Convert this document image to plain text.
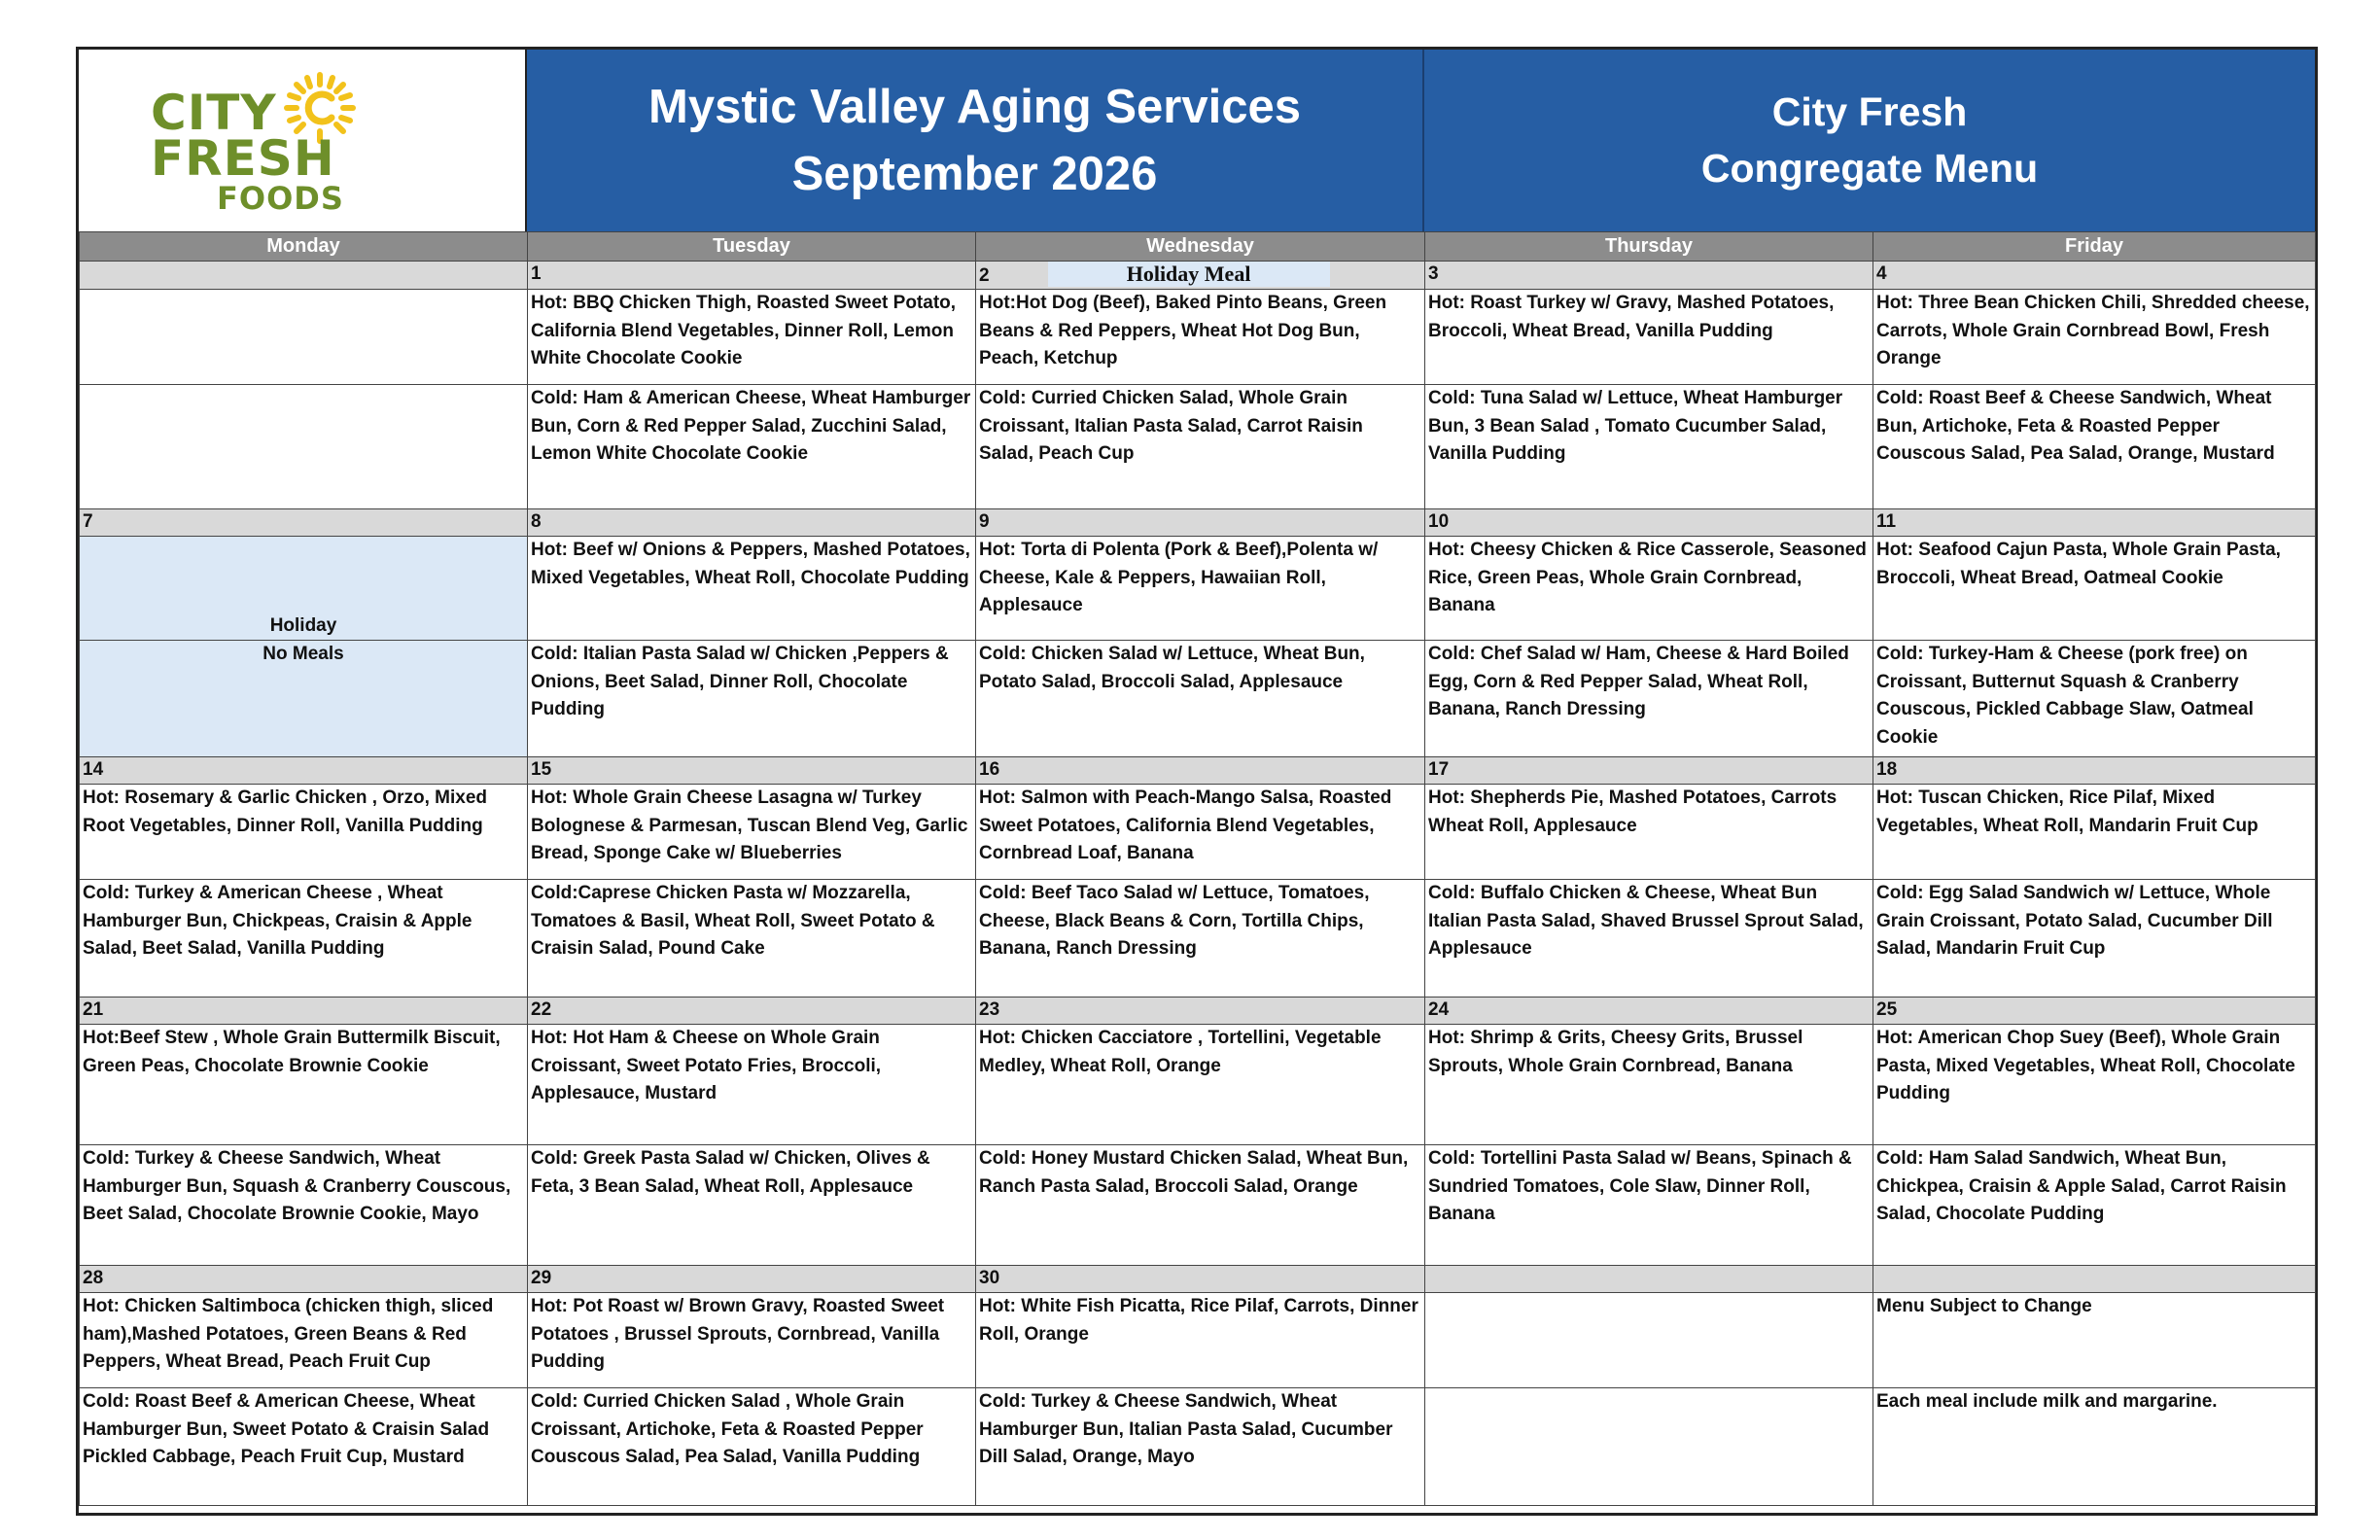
CITY
FRESH
FOODS
Mystic Valley Aging Services
September 2026
City Fresh
Congregate Menu
Monday	Tuesday	Wednesday	Thursday	Friday
	1	2 Holiday Meal	3	4
	Hot: BBQ Chicken Thigh, Roasted Sweet Potato, California Blend Vegetables, Dinner Roll, Lemon White Chocolate Cookie	Hot:Hot Dog (Beef), Baked Pinto Beans, Green Beans & Red Peppers, Wheat Hot Dog Bun, Peach, Ketchup	Hot: Roast Turkey w/ Gravy, Mashed Potatoes, Broccoli, Wheat Bread, Vanilla Pudding	Hot: Three Bean Chicken Chili, Shredded cheese, Carrots, Whole Grain Cornbread Bowl, Fresh Orange
	Cold: Ham & American Cheese, Wheat Hamburger Bun, Corn & Red Pepper Salad, Zucchini Salad, Lemon White Chocolate Cookie	Cold: Curried Chicken Salad, Whole Grain Croissant, Italian Pasta Salad, Carrot Raisin Salad, Peach Cup	Cold: Tuna Salad w/ Lettuce, Wheat Hamburger Bun, 3 Bean Salad , Tomato Cucumber Salad, Vanilla Pudding	Cold: Roast Beef & Cheese Sandwich, Wheat Bun, Artichoke, Feta & Roasted Pepper Couscous Salad, Pea Salad, Orange, Mustard
7	8	9	10	11

Holiday	Hot: Beef w/ Onions & Peppers, Mashed Potatoes, Mixed Vegetables, Wheat Roll, Chocolate Pudding	Hot: Torta di Polenta (Pork & Beef),Polenta w/ Cheese, Kale & Peppers, Hawaiian Roll, Applesauce	Hot: Cheesy Chicken & Rice Casserole, Seasoned Rice, Green Peas, Whole Grain Cornbread, Banana	Hot: Seafood Cajun Pasta, Whole Grain Pasta, Broccoli, Wheat Bread, Oatmeal Cookie

No Meals	Cold: Italian Pasta Salad w/ Chicken ,Peppers & Onions, Beet Salad, Dinner Roll, Chocolate Pudding	Cold: Chicken Salad w/ Lettuce, Wheat Bun, Potato Salad, Broccoli Salad, Applesauce	Cold: Chef Salad w/ Ham, Cheese & Hard Boiled Egg, Corn & Red Pepper Salad, Wheat Roll, Banana, Ranch Dressing	Cold: Turkey-Ham & Cheese (pork free) on Croissant, Butternut Squash & Cranberry Couscous, Pickled Cabbage Slaw, Oatmeal Cookie
14	15	16	17	18
Hot: Rosemary & Garlic Chicken , Orzo, Mixed Root Vegetables, Dinner Roll, Vanilla Pudding	Hot: Whole Grain Cheese Lasagna w/ Turkey Bolognese & Parmesan, Tuscan Blend Veg, Garlic Bread, Sponge Cake w/ Blueberries	Hot: Salmon with Peach-Mango Salsa, Roasted Sweet Potatoes, California Blend Vegetables, Cornbread Loaf, Banana	Hot: Shepherds Pie, Mashed Potatoes, Carrots Wheat Roll, Applesauce	Hot: Tuscan Chicken, Rice Pilaf, Mixed Vegetables, Wheat Roll, Mandarin Fruit Cup
Cold: Turkey & American Cheese , Wheat Hamburger Bun, Chickpeas, Craisin & Apple Salad, Beet Salad, Vanilla Pudding	Cold:Caprese Chicken Pasta w/ Mozzarella, Tomatoes & Basil, Wheat Roll, Sweet Potato & Craisin Salad, Pound Cake	Cold: Beef Taco Salad w/ Lettuce, Tomatoes, Cheese, Black Beans & Corn, Tortilla Chips, Banana, Ranch Dressing	Cold: Buffalo Chicken & Cheese, Wheat Bun Italian Pasta Salad, Shaved Brussel Sprout Salad, Applesauce	Cold: Egg Salad Sandwich w/ Lettuce, Whole Grain Croissant, Potato Salad, Cucumber Dill Salad, Mandarin Fruit Cup
21	22	23	24	25
Hot:Beef Stew , Whole Grain Buttermilk Biscuit, Green Peas, Chocolate Brownie Cookie	Hot: Hot Ham & Cheese on Whole Grain Croissant, Sweet Potato Fries, Broccoli, Applesauce, Mustard	Hot: Chicken Cacciatore , Tortellini, Vegetable Medley, Wheat Roll, Orange	Hot: Shrimp & Grits, Cheesy Grits, Brussel Sprouts, Whole Grain Cornbread, Banana	Hot: American Chop Suey (Beef), Whole Grain Pasta, Mixed Vegetables, Wheat Roll, Chocolate Pudding
Cold: Turkey & Cheese Sandwich, Wheat Hamburger Bun, Squash & Cranberry Couscous, Beet Salad, Chocolate Brownie Cookie, Mayo	Cold: Greek Pasta Salad w/ Chicken, Olives & Feta, 3 Bean Salad, Wheat Roll, Applesauce	Cold: Honey Mustard Chicken Salad, Wheat Bun, Ranch Pasta Salad, Broccoli Salad, Orange	Cold: Tortellini Pasta Salad w/ Beans, Spinach & Sundried Tomatoes, Cole Slaw, Dinner Roll, Banana	Cold: Ham Salad Sandwich, Wheat Bun, Chickpea, Craisin & Apple Salad, Carrot Raisin Salad, Chocolate Pudding
28	29	30		
Hot: Chicken Saltimboca (chicken thigh, sliced ham),Mashed Potatoes, Green Beans & Red Peppers, Wheat Bread, Peach Fruit Cup	Hot: Pot Roast w/ Brown Gravy, Roasted Sweet Potatoes , Brussel Sprouts, Cornbread, Vanilla Pudding	Hot: White Fish Picatta, Rice Pilaf, Carrots, Dinner Roll, Orange		Menu Subject to Change
Cold: Roast Beef & American Cheese, Wheat Hamburger Bun, Sweet Potato & Craisin Salad Pickled Cabbage, Peach Fruit Cup, Mustard	Cold: Curried Chicken Salad , Whole Grain Croissant, Artichoke, Feta & Roasted Pepper Couscous Salad, Pea Salad, Vanilla Pudding	Cold: Turkey & Cheese Sandwich, Wheat Hamburger Bun, Italian Pasta Salad, Cucumber Dill Salad, Orange, Mayo		Each meal include milk and margarine.
